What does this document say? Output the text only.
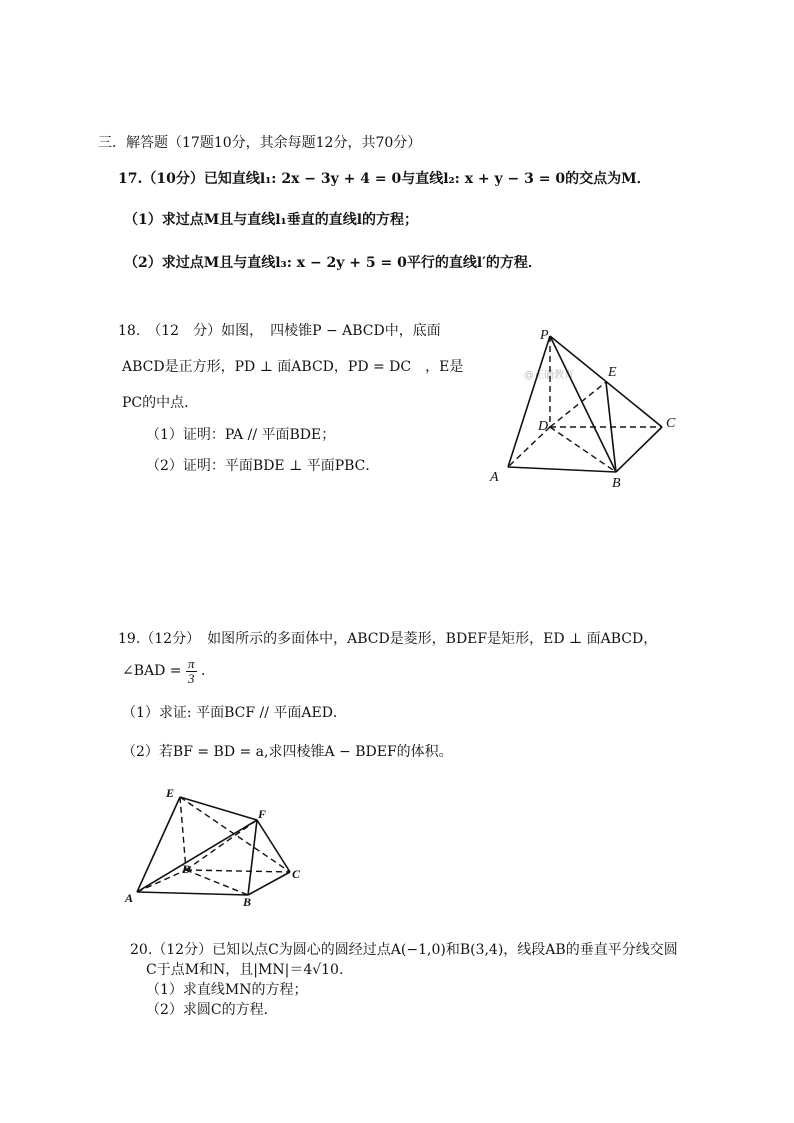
三．解答题（17题10分，其余每题12分，共70分）
17.（10分）已知直线l₁: 2x − 3y + 4 = 0与直线l₂: x + y − 3 = 0的交点为M．
（1）求过点M且与直线l₁垂直的直线l的方程；
（2）求过点M且与直线l₃: x − 2y + 5 = 0平行的直线l′的方程．
18.　（12　分）如图，　四棱锥P − ABCD中，底面
ABCD是正方形，PD ⊥ 面ABCD，PD = DC　，E是
PC的中点．
（1）证明：PA // 平面BDE；
（2）证明：平面BDE ⊥ 平面PBC．
@正确教育
P
E
D	C
A	B
19.（12分）　如图所示的多面体中，ABCD是菱形，BDEF是矩形，ED ⊥ 面ABCD，
∠BAD = $\frac{\pi}{3}$ ．
（1）求证: 平面BCF // 平面AED．
（2）若BF = BD = a,求四棱锥A − BDEF的体积。
E
F
D	C
A	B
20.（12分）已知以点C为圆心的圆经过点A(−1,0)和B(3,4)，线段AB的垂直平分线交圆
C于点M和N，且|MN|＝4√10.
（1）求直线MN的方程；
（2）求圆C的方程．
